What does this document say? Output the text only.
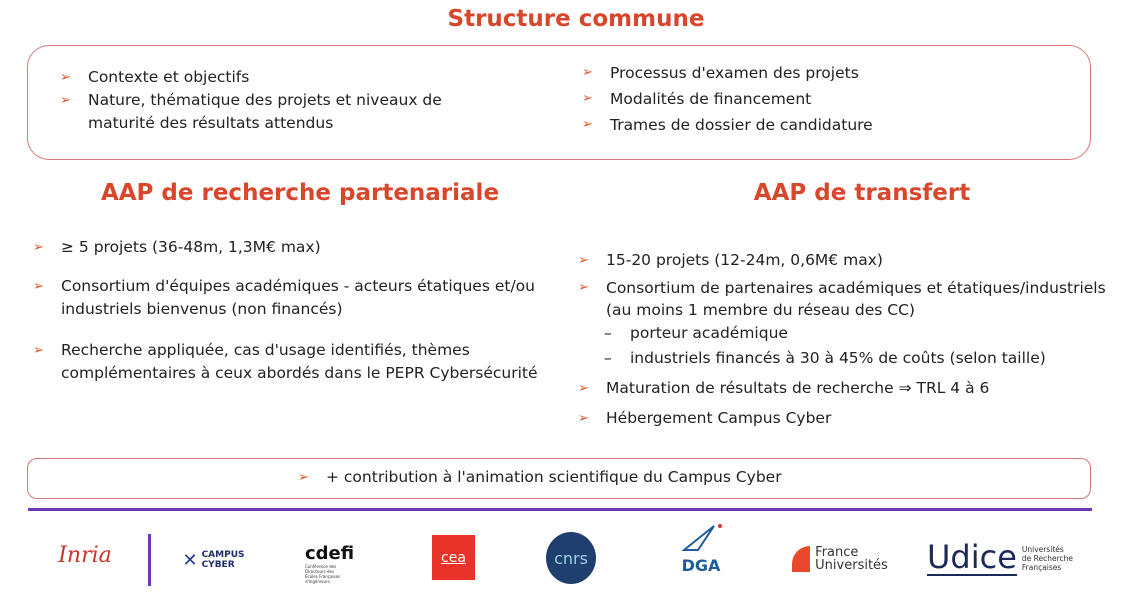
Structure commune
➢ Contexte et objectifs
➢ Nature, thématique des projets et niveaux de maturité des résultats attendus
➢ Processus d'examen des projets
➢ Modalités de financement
➢ Trames de dossier de candidature
AAP de recherche partenariale
➢ ≥ 5 projets (36-48m, 1,3M€ max)
➢ Consortium d'équipes académiques - acteurs étatiques et/ou industriels bienvenus (non financés)
➢ Recherche appliquée, cas d'usage identifiés, thèmes complémentaires à ceux abordés dans le PEPR Cybersécurité
AAP de transfert
➢ 15-20 projets (12-24m, 0,6M€ max)
➢ Consortium de partenaires académiques et étatiques/industriels (au moins 1 membre du réseau des CC)
– porteur académique
– industriels financés à 30 à 45% de coûts (selon taille)
➢ Maturation de résultats de recherche ⇒ TRL 4 à 6
➢ Hébergement Campus Cyber
➢ + contribution à l'animation scientifique du Campus Cyber
Inria	✕ CAMPUS
CYBER
cdefi
Conférence des Directeurs des Écoles Françaises d'Ingénieurs
cea	cnrs	DGA
France
Universités Udice Universités
de Recherche
Françaises
